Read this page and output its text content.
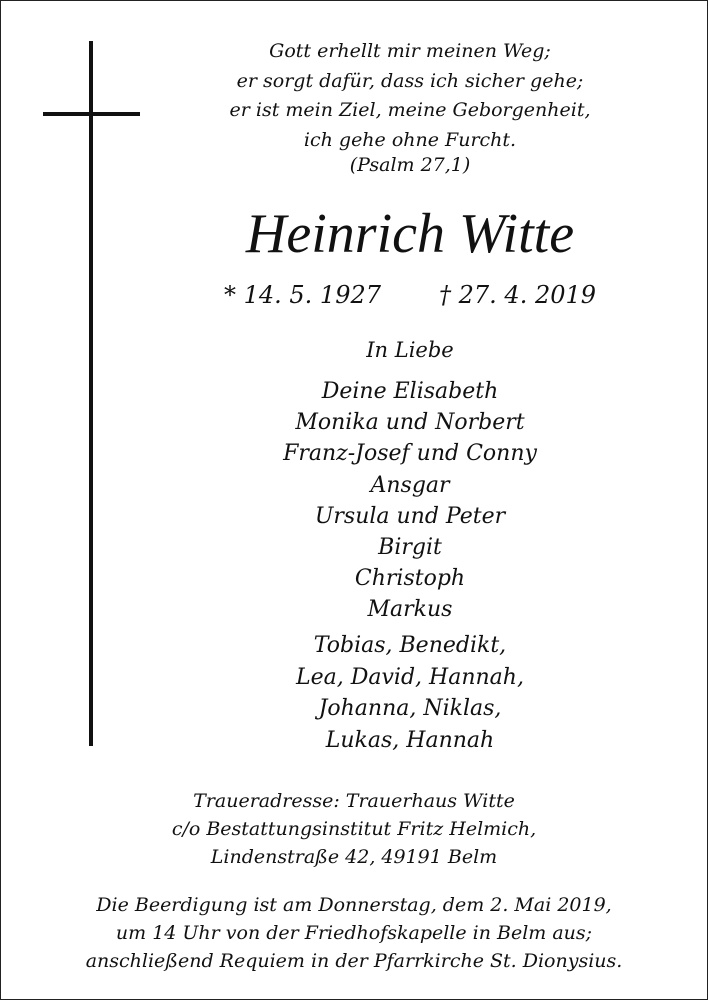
Gott erhellt mir meinen Weg;
er sorgt dafür, dass ich sicher gehe;
er ist mein Ziel, meine Geborgenheit,
ich gehe ohne Furcht.
(Psalm 27,1)
Heinrich Witte
* 14. 5. 1927 † 27. 4. 2019
In Liebe
Deine Elisabeth
Monika und Norbert
Franz-Josef und Conny
Ansgar
Ursula und Peter
Birgit
Christoph
Markus
Tobias, Benedikt,
Lea, David, Hannah,
Johanna, Niklas,
Lukas, Hannah
Traueradresse: Trauerhaus Witte
c/o Bestattungsinstitut Fritz Helmich,
Lindenstraße 42, 49191 Belm
Die Beerdigung ist am Donnerstag, dem 2. Mai 2019,
um 14 Uhr von der Friedhofskapelle in Belm aus;
anschließend Requiem in der Pfarrkirche St. Dionysius.
